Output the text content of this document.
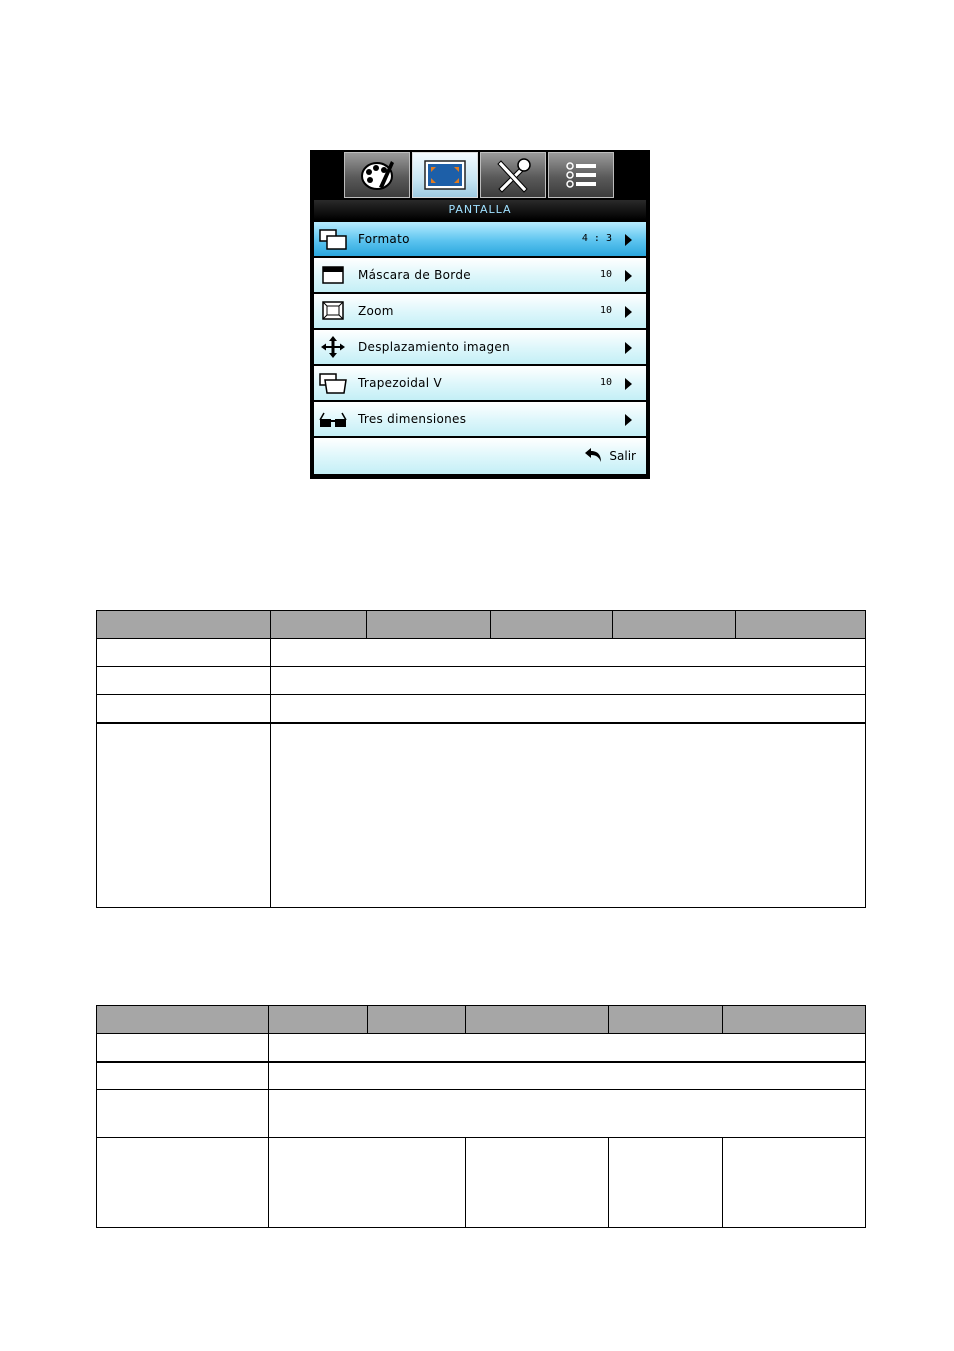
PANTALLA
Formato	4 : 3
Máscara de Borde	10
Zoom	10
Desplazamiento imagen
Trapezoidal V	10
Tres dimensiones
Salir
